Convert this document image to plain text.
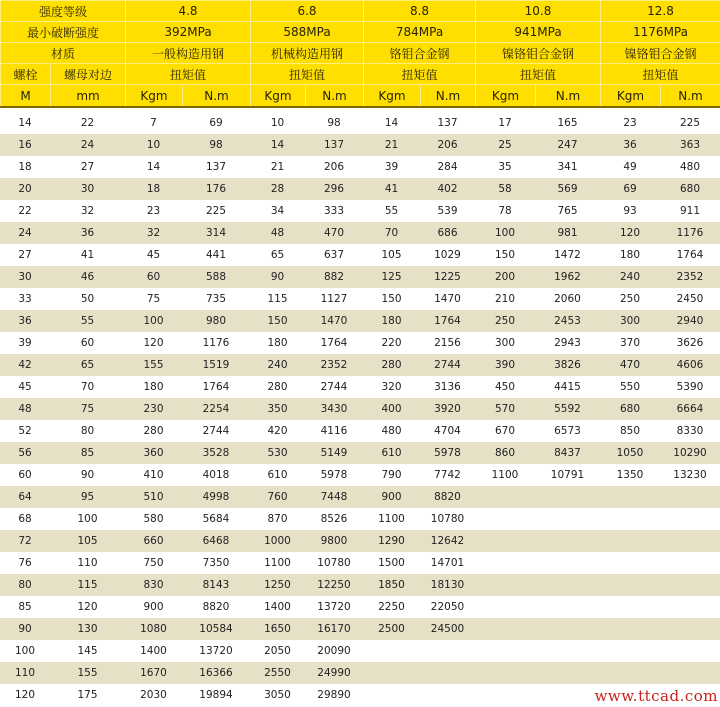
强度等级		4.8		6.8		8.8		10.8		12.8	
最小破断强度		392MPa		588MPa		784MPa		941MPa		1176MPa	
材质		一般构造用钢		机械构造用钢		铬钼合金钢		镍铬钼合金钢		镍铬钼合金钢	
螺栓	螺母对边	扭矩值		扭矩值		扭矩值		扭矩值		扭矩值	
M	mm	Kgm	N.m	Kgm	N.m	Kgm	N.m	Kgm	N.m	Kgm	N.m

14	22	7	69	10	98	14	137	17	165	23	225
16	24	10	98	14	137	21	206	25	247	36	363
18	27	14	137	21	206	39	284	35	341	49	480
20	30	18	176	28	296	41	402	58	569	69	680
22	32	23	225	34	333	55	539	78	765	93	911
24	36	32	314	48	470	70	686	100	981	120	1176
27	41	45	441	65	637	105	1029	150	1472	180	1764
30	46	60	588	90	882	125	1225	200	1962	240	2352
33	50	75	735	115	1127	150	1470	210	2060	250	2450
36	55	100	980	150	1470	180	1764	250	2453	300	2940
39	60	120	1176	180	1764	220	2156	300	2943	370	3626
42	65	155	1519	240	2352	280	2744	390	3826	470	4606
45	70	180	1764	280	2744	320	3136	450	4415	550	5390
48	75	230	2254	350	3430	400	3920	570	5592	680	6664
52	80	280	2744	420	4116	480	4704	670	6573	850	8330
56	85	360	3528	530	5149	610	5978	860	8437	1050	10290
60	90	410	4018	610	5978	790	7742	1100	10791	1350	13230
64	95	510	4998	760	7448	900	8820				
68	100	580	5684	870	8526	1100	10780				
72	105	660	6468	1000	9800	1290	12642				
76	110	750	7350	1100	10780	1500	14701				
80	115	830	8143	1250	12250	1850	18130				
85	120	900	8820	1400	13720	2250	22050				
90	130	1080	10584	1650	16170	2500	24500				
100	145	1400	13720	2050	20090						
110	155	1670	16366	2550	24990						
120	175	2030	19894	3050	29890							www.ttcad.com
